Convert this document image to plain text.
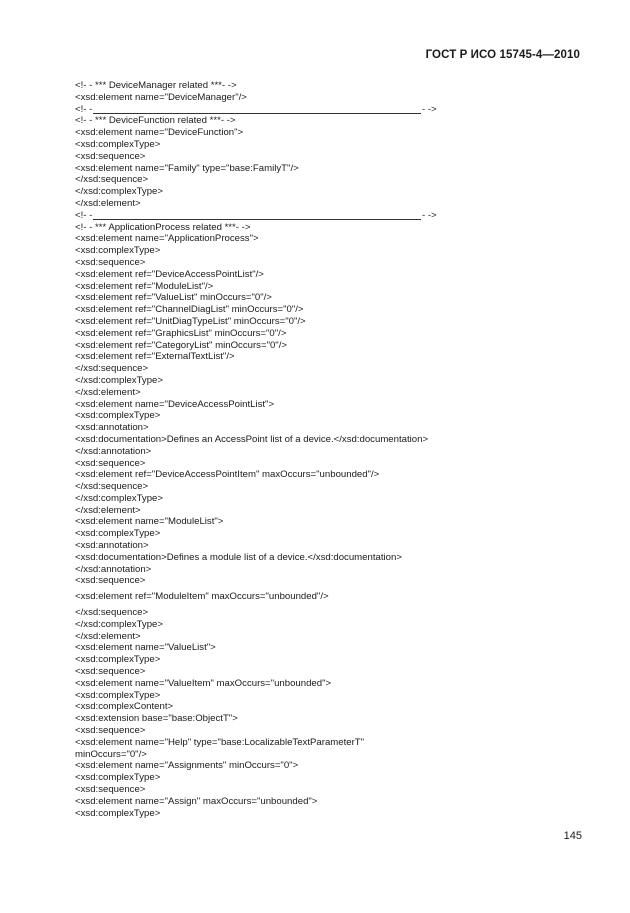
ГОСТ Р ИСО 15745-4—2010
<!- - *** DeviceManager related ***- ->
<xsd:element name="DeviceManager"/>
<!- -	- ->
<!- - *** DeviceFunction related ***- ->
<xsd:element name="DeviceFunction">
<xsd:complexType>
<xsd:sequence>
<xsd:element name="Family" type="base:FamilyT"/>
</xsd:sequence>
</xsd:complexType>
</xsd:element>
<!- -	- ->
<!- - *** ApplicationProcess related ***- ->
<xsd:element name="ApplicationProcess">
<xsd:complexType>
<xsd:sequence>
<xsd:element ref="DeviceAccessPointList"/>
<xsd:element ref="ModuleList"/>
<xsd:element ref="ValueList" minOccurs="0"/>
<xsd:element ref="ChannelDiagList" minOccurs="0"/>
<xsd:element ref="UnitDiagTypeList" minOccurs="0"/>
<xsd:element ref="GraphicsList" minOccurs="0"/>
<xsd:element ref="CategoryList" minOccurs="0"/>
<xsd:element ref="ExternalTextList"/>
</xsd:sequence>
</xsd:complexType>
</xsd:element>
<xsd:element name="DeviceAccessPointList">
<xsd:complexType>
<xsd:annotation>
<xsd:documentation>Defines an AccessPoint list of a device.</xsd:documentation>
</xsd:annotation>
<xsd:sequence>
<xsd:element ref="DeviceAccessPointItem" maxOccurs="unbounded"/>
</xsd:sequence>
</xsd:complexType>
</xsd:element>
<xsd:element name="ModuleList">
<xsd:complexType>
<xsd:annotation>
<xsd:documentation>Defines a module list of a device.</xsd:documentation>
</xsd:annotation>
<xsd:sequence>
<xsd:element ref="ModuleItem" maxOccurs="unbounded"/>
</xsd:sequence>
</xsd:complexType>
</xsd:element>
<xsd:element name="ValueList">
<xsd:complexType>
<xsd:sequence>
<xsd:element name="ValueItem" maxOccurs="unbounded">
<xsd:complexType>
<xsd:complexContent>
<xsd:extension base="base:ObjectT">
<xsd:sequence>
<xsd:element name="Help" type="base:LocalizableTextParameterT"
minOccurs="0"/>
<xsd:element name="Assignments" minOccurs="0">
<xsd:complexType>
<xsd:sequence>
<xsd:element name="Assign" maxOccurs="unbounded">
<xsd:complexType>
145
